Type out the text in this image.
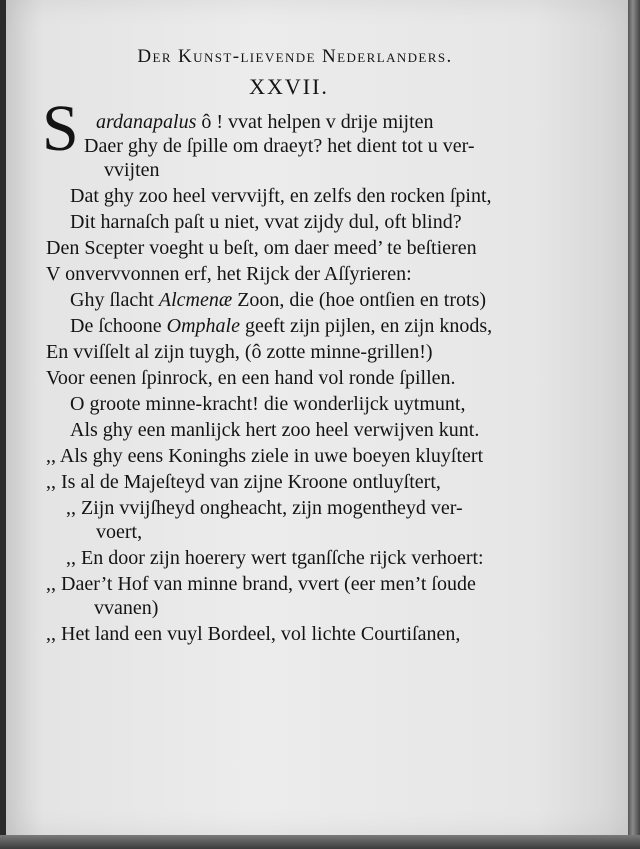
Der Kunst-lievende Nederlanders.
XXVII.
S ardanapalus ô ! vvat helpen v drije mijten
Daer ghy de ſpille om draeyt? het dient tot u ver-
vvijten
Dat ghy zoo heel vervvijft, en zelfs den rocken ſpint,
Dit harnaſch paſt u niet, vvat zijdy dul, oft blind?
Den Scepter voeght u beſt, om daer meed’ te beſtieren
V onvervvonnen erf, het Rijck der Aſſyrieren:
Ghy ſlacht Alcmenæ Zoon, die (hoe ontſien en trots)
De ſchoone Omphale geeft zijn pijlen, en zijn knods,
En vviſſelt al zijn tuygh, (ô zotte minne-grillen!)
Voor eenen ſpinrock, en een hand vol ronde ſpillen.
O groote minne-kracht! die wonderlijck uytmunt,
Als ghy een manlijck hert zoo heel verwijven kunt.
,, Als ghy eens Koninghs ziele in uwe boeyen kluyſtert
,, Is al de Majeſteyd van zijne Kroone ontluyſtert,
,, Zijn vvijſheyd ongheacht, zijn mogentheyd ver-
voert,
,, En door zijn hoerery wert tganſſche rijck verhoert:
,, Daer’t Hof van minne brand, vvert (eer men’t ſoude
vvanen)
,, Het land een vuyl Bordeel, vol lichte Courtiſanen,
